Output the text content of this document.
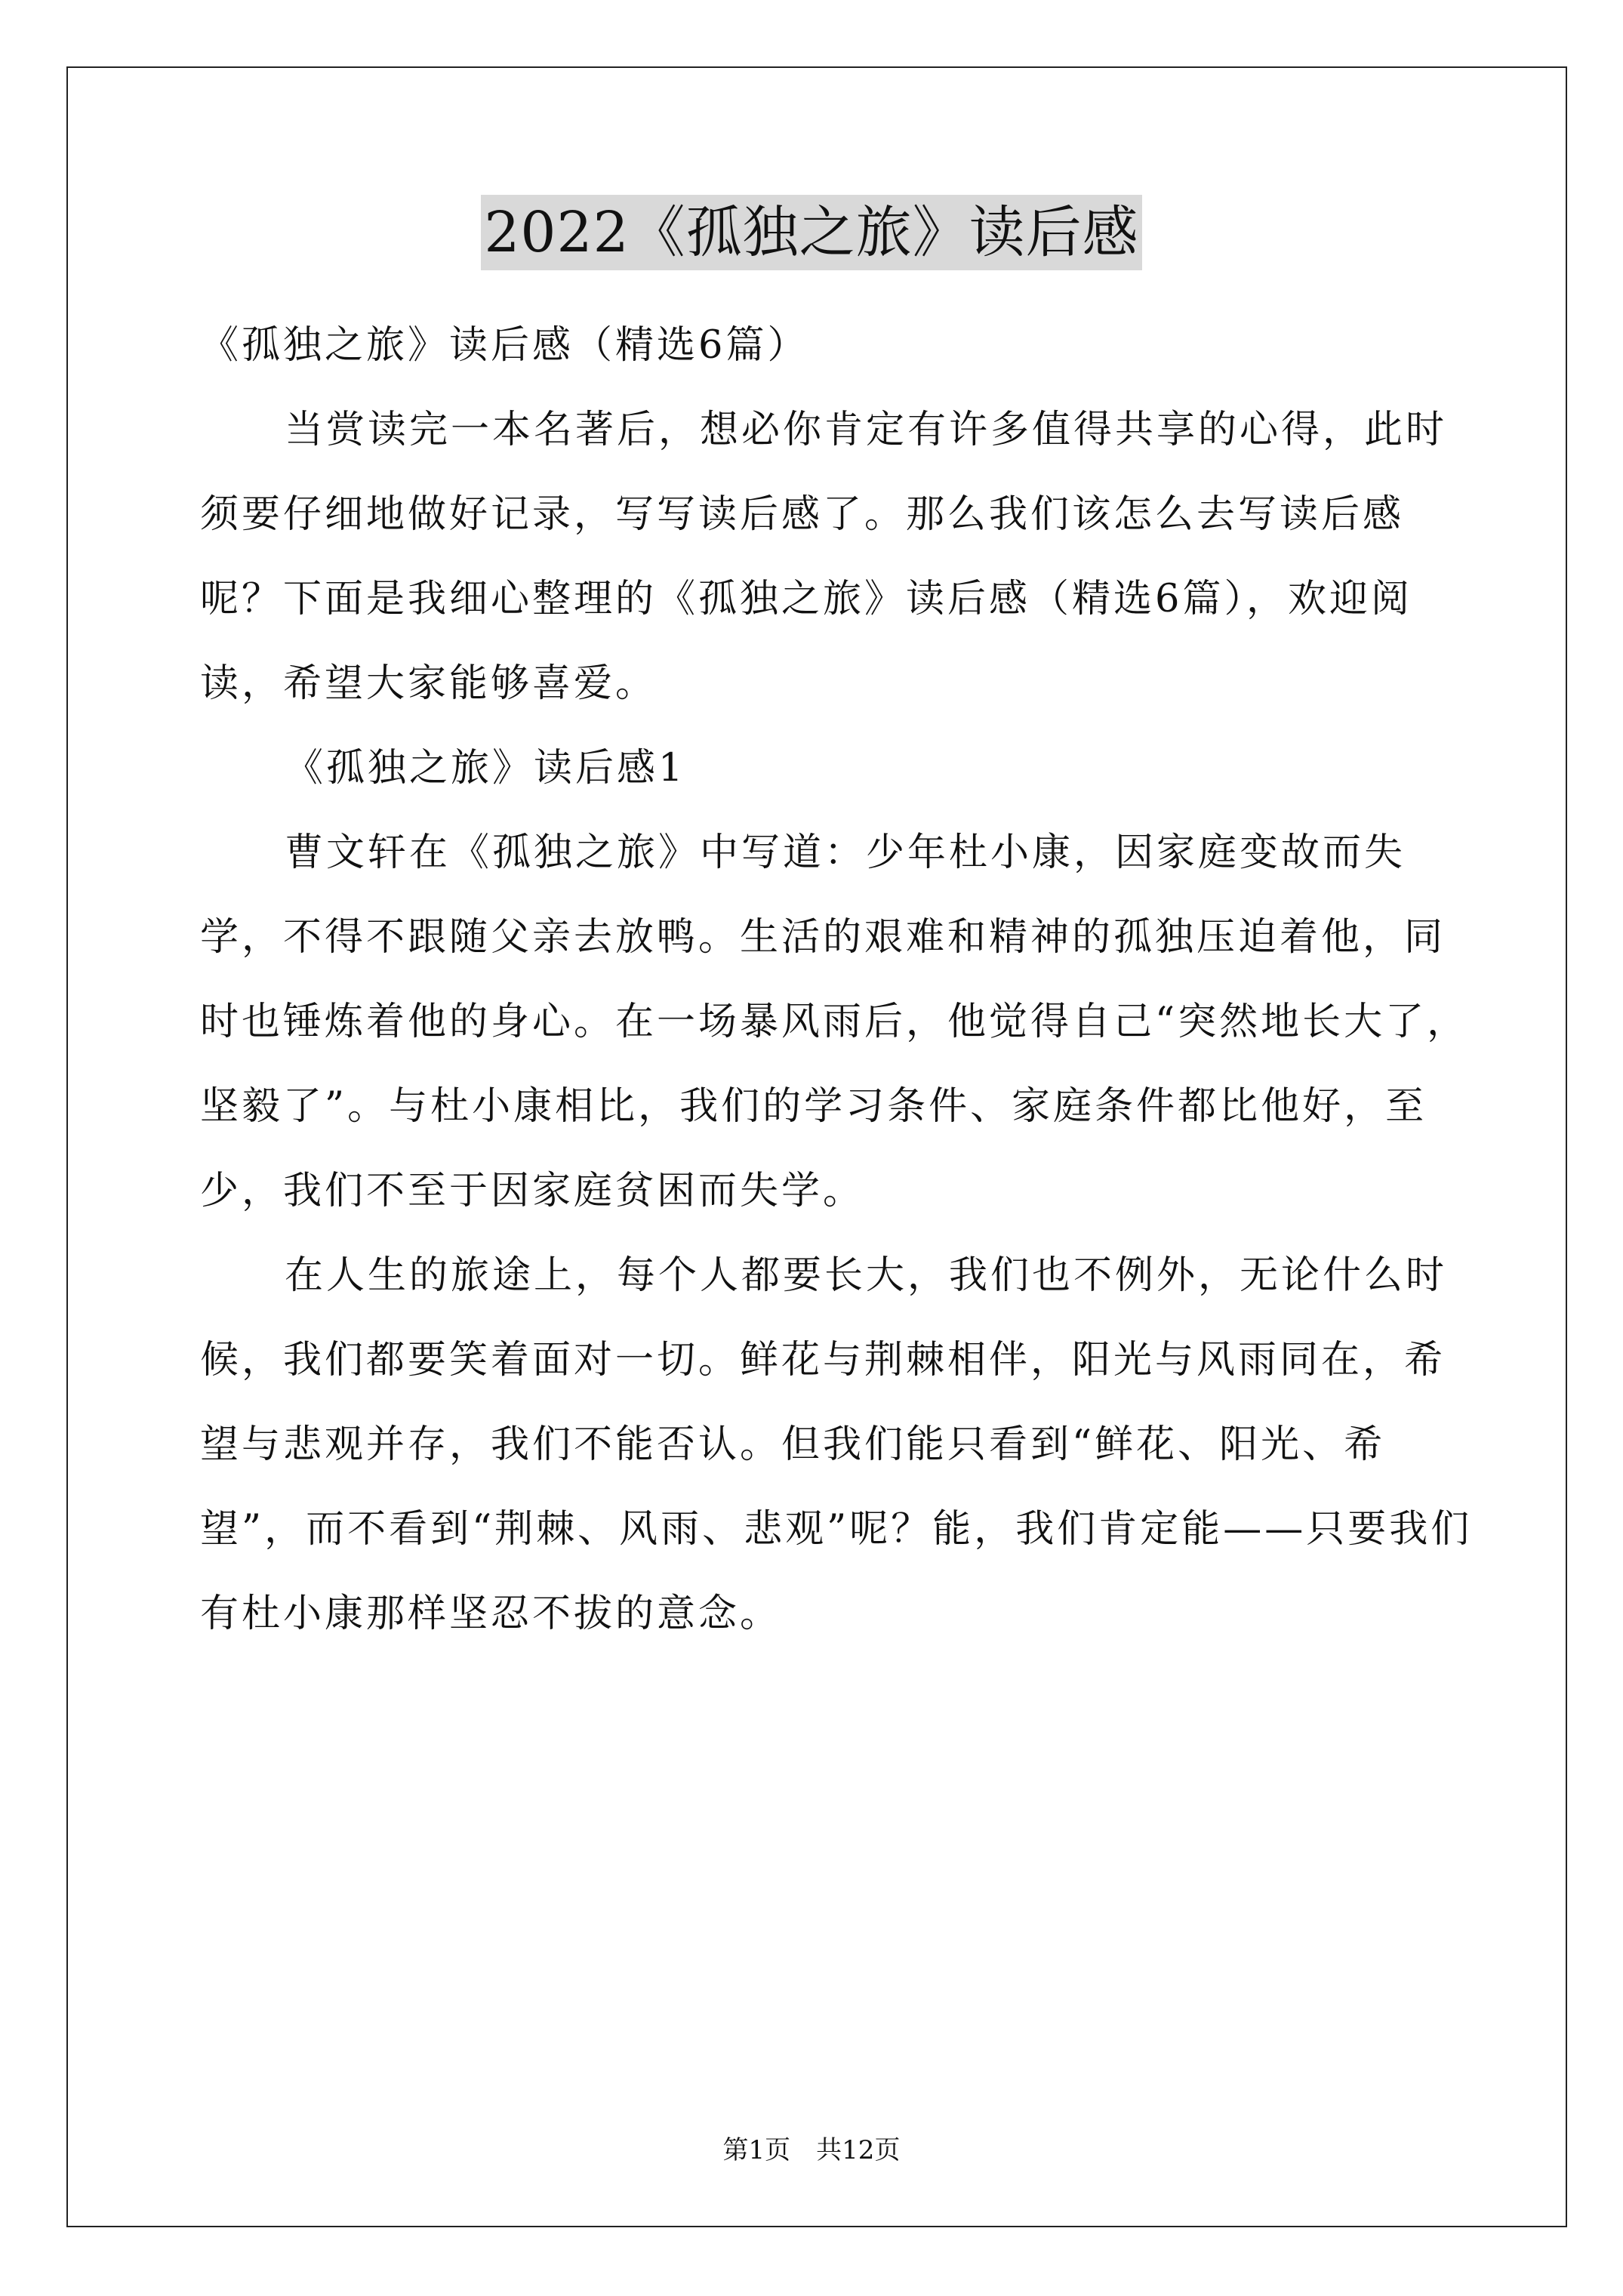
2022《孤独之旅》读后感

《孤独之旅》读后感（精选6篇）

当赏读完一本名著后，想必你肯定有许多值得共享的心得，此时须要仔细地做好记录，写写读后感了。那么我们该怎么去写读后感呢？下面是我细心整理的《孤独之旅》读后感（精选6篇），欢迎阅读，希望大家能够喜爱。

《孤独之旅》读后感1

曹文轩在《孤独之旅》中写道：少年杜小康，因家庭变故而失学，不得不跟随父亲去放鸭。生活的艰难和精神的孤独压迫着他，同时也锤炼着他的身心。在一场暴风雨后，他觉得自己“突然地长大了，坚毅了”。与杜小康相比，我们的学习条件、家庭条件都比他好，至少，我们不至于因家庭贫困而失学。

在人生的旅途上，每个人都要长大，我们也不例外，无论什么时候，我们都要笑着面对一切。鲜花与荆棘相伴，阳光与风雨同在，希望与悲观并存，我们不能否认。但我们能只看到“鲜花、阳光、希望”，而不看到“荆棘、风雨、悲观”呢？能，我们肯定能——只要我们有杜小康那样坚忍不拔的意念。

第1页　共12页
